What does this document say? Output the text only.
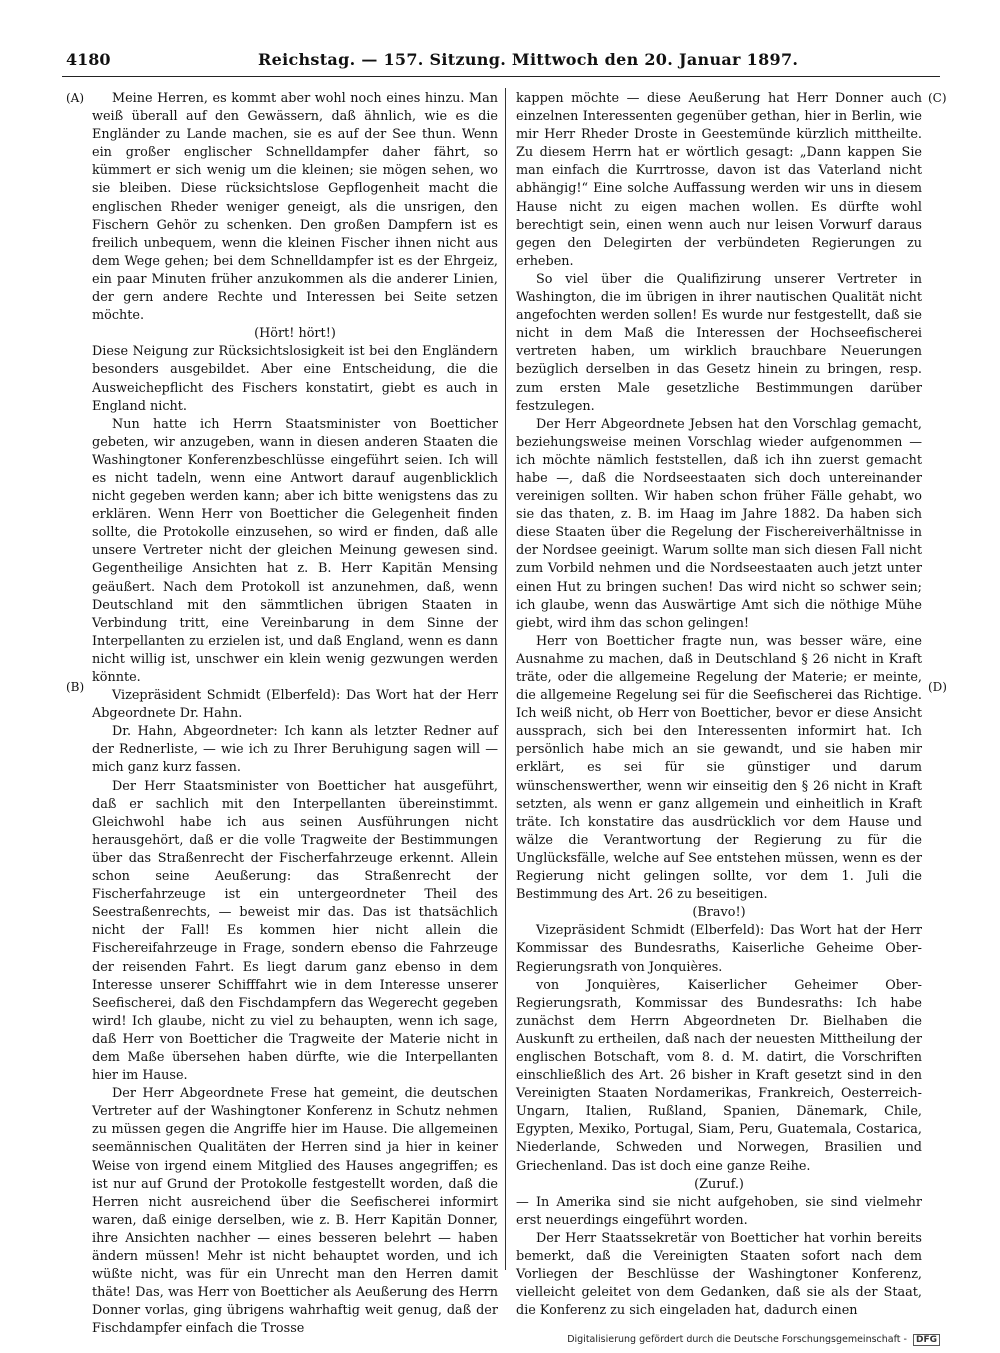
4180	Reichstag. — 157. Sitzung. Mittwoch den 20. Januar 1897.
(A)
(B)
(C)
(D)

Meine Herren, es kommt aber wohl noch eines hinzu. Man weiß überall auf den Gewässern, daß ähnlich, wie es die Engländer zu Lande machen, sie es auf der See thun. Wenn ein großer englischer Schnelldampfer daher fährt, so kümmert er sich wenig um die kleinen; sie mögen sehen, wo sie bleiben. Diese rücksichtslose Gepflogenheit macht die englischen Rheder weniger geneigt, als die unsrigen, den Fischern Gehör zu schenken. Den großen Dampfern ist es freilich unbequem, wenn die kleinen Fischer ihnen nicht aus dem Wege gehen; bei dem Schnelldampfer ist es der Ehrgeiz, ein paar Minuten früher anzukommen als die anderer Linien, der gern andere Rechte und Interessen bei Seite setzen möchte.

(Hört! hört!)

Diese Neigung zur Rücksichtslosigkeit ist bei den Engländern besonders ausgebildet. Aber eine Entscheidung, die die Ausweichepflicht des Fischers konstatirt, giebt es auch in England nicht.

Nun hatte ich Herrn Staatsminister von Boetticher gebeten, wir anzugeben, wann in diesen anderen Staaten die Washingtoner Konferenzbeschlüsse eingeführt seien. Ich will es nicht tadeln, wenn eine Antwort darauf augenblicklich nicht gegeben werden kann; aber ich bitte wenigstens das zu erklären. Wenn Herr von Boetticher die Gelegenheit finden sollte, die Protokolle einzusehen, so wird er finden, daß alle unsere Vertreter nicht der gleichen Meinung gewesen sind. Gegentheilige Ansichten hat z. B. Herr Kapitän Mensing geäußert. Nach dem Protokoll ist anzunehmen, daß, wenn Deutschland mit den sämmtlichen übrigen Staaten in Verbindung tritt, eine Vereinbarung in dem Sinne der Interpellanten zu erzielen ist, und daß England, wenn es dann nicht willig ist, unschwer ein klein wenig gezwungen werden könnte.

Vizepräsident Schmidt (Elberfeld): Das Wort hat der Herr Abgeordnete Dr. Hahn.

Dr. Hahn, Abgeordneter: Ich kann als letzter Redner auf der Rednerliste, — wie ich zu Ihrer Beruhigung sagen will — mich ganz kurz fassen.

Der Herr Staatsminister von Boetticher hat ausgeführt, daß er sachlich mit den Interpellanten übereinstimmt. Gleichwohl habe ich aus seinen Ausführungen nicht herausgehört, daß er die volle Tragweite der Bestimmungen über das Straßenrecht der Fischerfahrzeuge erkennt. Allein schon seine Aeußerung: das Straßenrecht der Fischerfahrzeuge ist ein untergeordneter Theil des Seestraßenrechts, — beweist mir das. Das ist thatsächlich nicht der Fall! Es kommen hier nicht allein die Fischereifahrzeuge in Frage, sondern ebenso die Fahrzeuge der reisenden Fahrt. Es liegt darum ganz ebenso in dem Interesse unserer Schifffahrt wie in dem Interesse unserer Seefischerei, daß den Fischdampfern das Wegerecht gegeben wird! Ich glaube, nicht zu viel zu behaupten, wenn ich sage, daß Herr von Boetticher die Tragweite der Materie nicht in dem Maße übersehen haben dürfte, wie die Interpellanten hier im Hause.

Der Herr Abgeordnete Frese hat gemeint, die deutschen Vertreter auf der Washingtoner Konferenz in Schutz nehmen zu müssen gegen die Angriffe hier im Hause. Die allgemeinen seemännischen Qualitäten der Herren sind ja hier in keiner Weise von irgend einem Mitglied des Hauses angegriffen; es ist nur auf Grund der Protokolle festgestellt worden, daß die Herren nicht ausreichend über die Seefischerei informirt waren, daß einige derselben, wie z. B. Herr Kapitän Donner, ihre Ansichten nachher — eines besseren belehrt — haben ändern müssen! Mehr ist nicht behauptet worden, und ich wüßte nicht, was für ein Unrecht man den Herren damit thäte! Das, was Herr von Boetticher als Aeußerung des Herrn Donner vorlas, ging übrigens wahrhaftig weit genug, daß der Fischdampfer einfach die Trosse

kappen möchte — diese Aeußerung hat Herr Donner auch einzelnen Interessenten gegenüber gethan, hier in Berlin, wie mir Herr Rheder Droste in Geestemünde kürzlich mittheilte. Zu diesem Herrn hat er wörtlich gesagt: „Dann kappen Sie man einfach die Kurrtrosse, davon ist das Vaterland nicht abhängig!“ Eine solche Auffassung werden wir uns in diesem Hause nicht zu eigen machen wollen. Es dürfte wohl berechtigt sein, einen wenn auch nur leisen Vorwurf daraus gegen den Delegirten der verbündeten Regierungen zu erheben.

So viel über die Qualifizirung unserer Vertreter in Washington, die im übrigen in ihrer nautischen Qualität nicht angefochten werden sollen! Es wurde nur festgestellt, daß sie nicht in dem Maß die Interessen der Hochseefischerei vertreten haben, um wirklich brauchbare Neuerungen bezüglich derselben in das Gesetz hinein zu bringen, resp. zum ersten Male gesetzliche Bestimmungen darüber festzulegen.

Der Herr Abgeordnete Jebsen hat den Vorschlag gemacht, beziehungsweise meinen Vorschlag wieder aufgenommen — ich möchte nämlich feststellen, daß ich ihn zuerst gemacht habe —, daß die Nordseestaaten sich doch untereinander vereinigen sollten. Wir haben schon früher Fälle gehabt, wo sie das thaten, z. B. im Haag im Jahre 1882. Da haben sich diese Staaten über die Regelung der Fischereiverhältnisse in der Nordsee geeinigt. Warum sollte man sich diesen Fall nicht zum Vorbild nehmen und die Nordseestaaten auch jetzt unter einen Hut zu bringen suchen! Das wird nicht so schwer sein; ich glaube, wenn das Auswärtige Amt sich die nöthige Mühe giebt, wird ihm das schon gelingen!

Herr von Boetticher fragte nun, was besser wäre, eine Ausnahme zu machen, daß in Deutschland § 26 nicht in Kraft träte, oder die allgemeine Regelung der Materie; er meinte, die allgemeine Regelung sei für die Seefischerei das Richtige. Ich weiß nicht, ob Herr von Boetticher, bevor er diese Ansicht aussprach, sich bei den Interessenten informirt hat. Ich persönlich habe mich an sie gewandt, und sie haben mir erklärt, es sei für sie günstiger und darum wünschenswerther, wenn wir einseitig den § 26 nicht in Kraft setzten, als wenn er ganz allgemein und einheitlich in Kraft träte. Ich konstatire das ausdrücklich vor dem Hause und wälze die Verantwortung der Regierung zu für die Unglücksfälle, welche auf See entstehen müssen, wenn es der Regierung nicht gelingen sollte, vor dem 1. Juli die Bestimmung des Art. 26 zu beseitigen.

(Bravo!)

Vizepräsident Schmidt (Elberfeld): Das Wort hat der Herr Kommissar des Bundesraths, Kaiserliche Geheime Ober-Regierungsrath von Jonquières.

von Jonquières, Kaiserlicher Geheimer Ober-Regierungsrath, Kommissar des Bundesraths: Ich habe zunächst dem Herrn Abgeordneten Dr. Bielhaben die Auskunft zu ertheilen, daß nach der neuesten Mittheilung der englischen Botschaft, vom 8. d. M. datirt, die Vorschriften einschließlich des Art. 26 bisher in Kraft gesetzt sind in den Vereinigten Staaten Nordamerikas, Frankreich, Oesterreich-Ungarn, Italien, Rußland, Spanien, Dänemark, Chile, Egypten, Mexiko, Portugal, Siam, Peru, Guatemala, Costarica, Niederlande, Schweden und Norwegen, Brasilien und Griechenland. Das ist doch eine ganze Reihe.

(Zuruf.)

— In Amerika sind sie nicht aufgehoben, sie sind vielmehr erst neuerdings eingeführt worden.

Der Herr Staatssekretär von Boetticher hat vorhin bereits bemerkt, daß die Vereinigten Staaten sofort nach dem Vorliegen der Beschlüsse der Washingtoner Konferenz, vielleicht geleitet von dem Gedanken, daß sie als der Staat, die Konferenz zu sich eingeladen hat, dadurch einen

Digitalisierung gefördert durch die Deutsche Forschungsgemeinschaft - DFG
